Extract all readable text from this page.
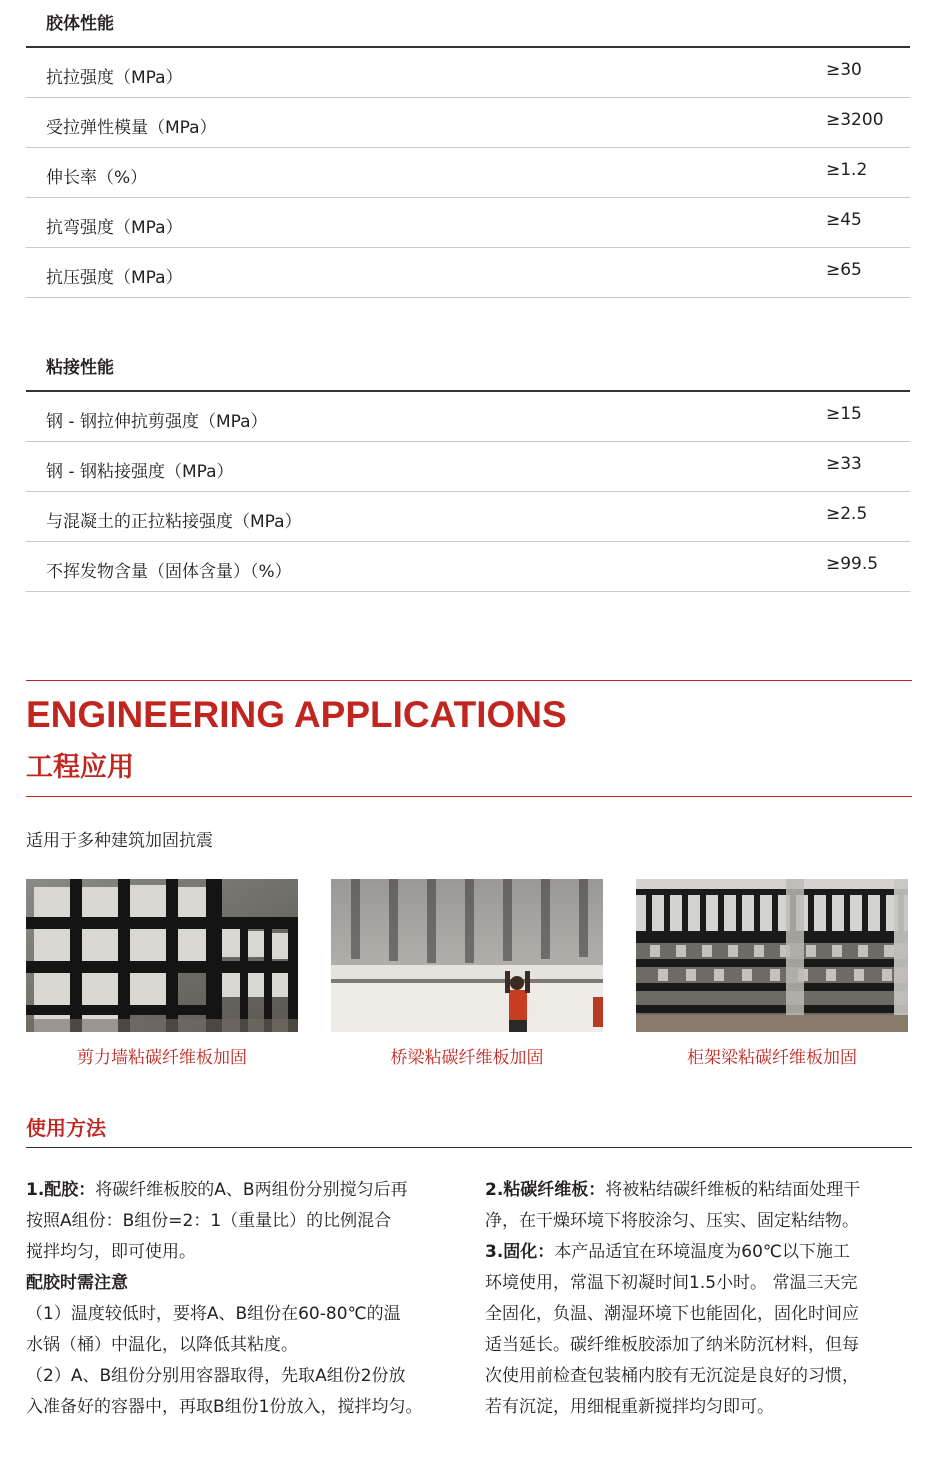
胶体性能
抗拉强度（MPa）	≥30
受拉弹性模量（MPa）	≥3200
伸长率（%）	≥1.2
抗弯强度（MPa）	≥45
抗压强度（MPa）	≥65
粘接性能
钢 - 钢拉伸抗剪强度（MPa）	≥15
钢 - 钢粘接强度（MPa）	≥33
与混凝土的正拉粘接强度（MPa）	≥2.5
不挥发物含量（固体含量）（%）	≥99.5
ENGINEERING APPLICATIONS
工程应用
适用于多种建筑加固抗震
剪力墙粘碳纤维板加固	桥梁粘碳纤维板加固	柜架梁粘碳纤维板加固
使用方法

1.配胶：将碳纤维板胶的A、B两组份分别搅匀后再

按照A组份：B组份=2：1（重量比）的比例混合

搅拌均匀，即可使用。

配胶时需注意

（1）温度较低时，要将A、B组份在60-80℃的温

水锅（桶）中温化，以降低其粘度。

（2）A、B组份分别用容器取得，先取A组份2份放

入准备好的容器中，再取B组份1份放入，搅拌均匀。

2.粘碳纤维板：将被粘结碳纤维板的粘结面处理干

净，在干燥环境下将胶涂匀、压实、固定粘结物。

3.固化：本产品适宜在环境温度为60℃以下施工

环境使用，常温下初凝时间1.5小时。 常温三天完

全固化，负温、潮湿环境下也能固化，固化时间应

适当延长。碳纤维板胶添加了纳米防沉材料，但每

次使用前检查包装桶内胶有无沉淀是良好的习惯，

若有沉淀，用细棍重新搅拌均匀即可。
